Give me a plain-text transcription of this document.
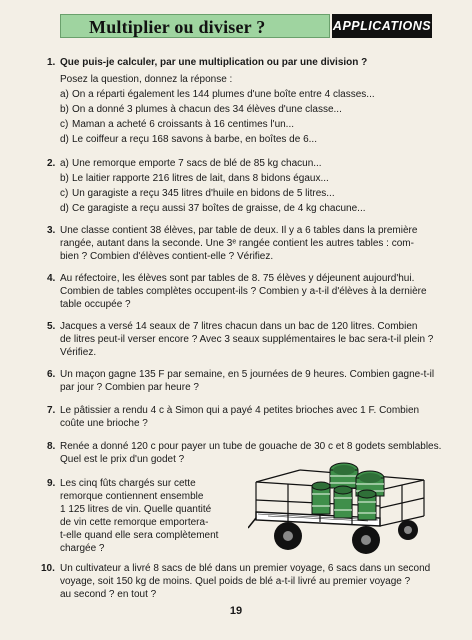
Multiplier ou diviser ?	APPLICATIONS
1. Que puis-je calculer, par une multiplication ou par une division ?
Posez la question, donnez la réponse :
a) On a réparti également les 144 plumes d'une boîte entre 4 classes...
b) On a donné 3 plumes à chacun des 34 élèves d'une classe...
c) Maman a acheté 6 croissants à 16 centimes l'un...
d) Le coiffeur a reçu 168 savons à barbe, en boîtes de 6...
2. a) Une remorque emporte 7 sacs de blé de 85 kg chacun...
b) Le laitier rapporte 216 litres de lait, dans 8 bidons égaux...
c) Un garagiste a reçu 345 litres d'huile en bidons de 5 litres...
d) Ce garagiste a reçu aussi 37 boîtes de graisse, de 4 kg chacune...
3. Une classe contient 38 élèves, par table de deux. Il y a 6 tables dans la première
rangée, autant dans la seconde. Une 3ᵉ rangée contient les autres tables : com-
bien ? Combien d'élèves contient-elle ? Vérifiez.
4. Au réfectoire, les élèves sont par tables de 8. 75 élèves y déjeunent aujourd'hui.
Combien de tables complètes occupent-ils ? Combien y a-t-il d'élèves à la dernière
table occupée ?
5. Jacques a versé 14 seaux de 7 litres chacun dans un bac de 120 litres. Combien
de litres peut-il verser encore ? Avec 3 seaux supplémentaires le bac sera-t-il plein ?
Vérifiez.
6. Un maçon gagne 135 F par semaine, en 5 journées de 9 heures. Combien gagne-t-il
par jour ? Combien par heure ?
7. Le pâtissier a rendu 4 c à Simon qui a payé 4 petites brioches avec 1 F. Combien
coûte une brioche ?
8. Renée a donné 120 c pour payer un tube de gouache de 30 c et 8 godets semblables.
Quel est le prix d'un godet ?
9. Les cinq fûts chargés sur cette
remorque contiennent ensemble
1 125 litres de vin. Quelle quantité
de vin cette remorque emportera-
t-elle quand elle sera complètement
chargée ?
10. Un cultivateur a livré 8 sacs de blé dans un premier voyage, 6 sacs dans un second
voyage, soit 150 kg de moins. Quel poids de blé a-t-il livré au premier voyage ?
au second ? en tout ?
19
